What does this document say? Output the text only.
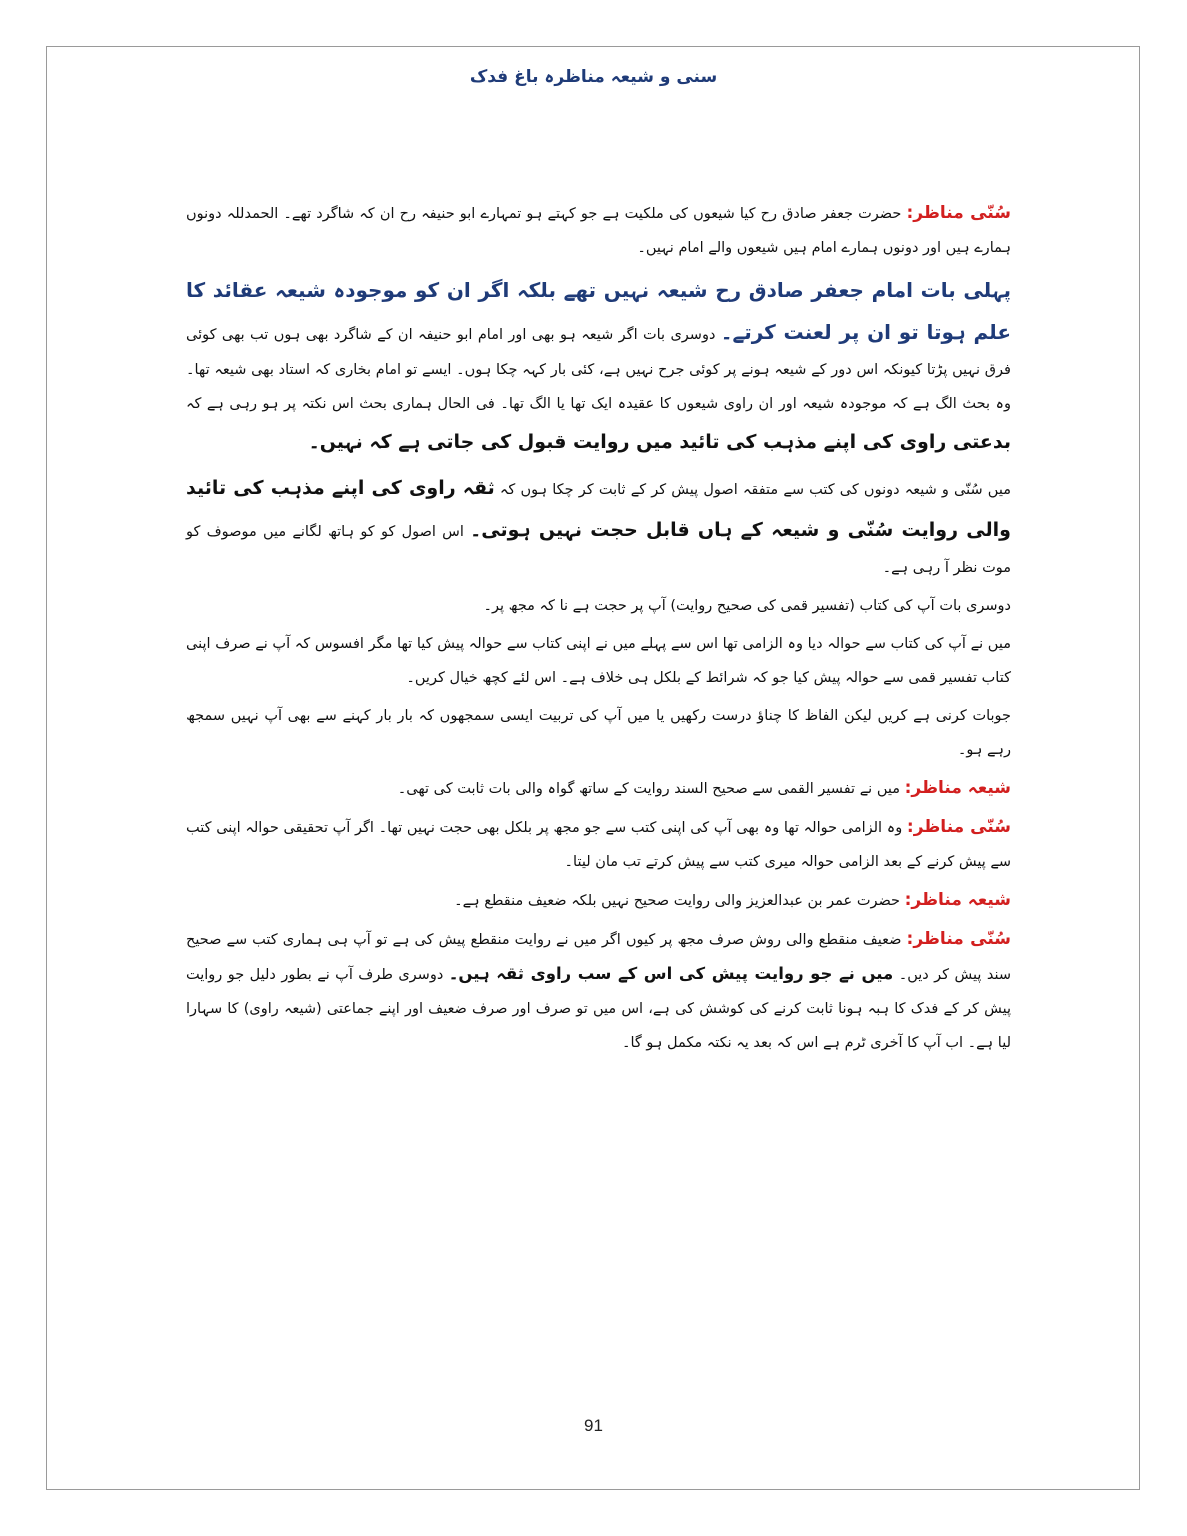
سنی و شیعہ مناظرہ باغ فدک

سُنّی مناظر: حضرت جعفر صادق رح کیا شیعوں کی ملکیت ہے جو کہتے ہو تمہارے ابو حنیفہ رح ان کہ شاگرد تھے۔ الحمدللہ دونوں ہمارے ہیں اور دونوں ہمارے امام ہیں شیعوں والے امام نہیں۔

پہلی بات امام جعفر صادق رح شیعہ نہیں تھے بلکہ اگر ان کو موجودہ شیعہ عقائد کا علم ہوتا تو ان پر لعنت کرتے۔ دوسری بات اگر شیعہ ہو بھی اور امام ابو حنیفہ ان کے شاگرد بھی ہوں تب بھی کوئی فرق نہیں پڑتا کیونکہ اس دور کے شیعہ ہونے پر کوئی جرح نہیں ہے، کئی بار کہہ چکا ہوں۔ ایسے تو امام بخاری کہ استاد بھی شیعہ تھا۔ وہ بحث الگ ہے کہ موجودہ شیعہ اور ان راوی شیعوں کا عقیدہ ایک تھا یا الگ تھا۔ فی الحال ہماری بحث اس نکتہ پر ہو رہی ہے کہ بدعتی راوی کی اپنے مذہب کی تائید میں روایت قبول کی جاتی ہے کہ نہیں۔

میں سُنّی و شیعہ دونوں کی کتب سے متفقہ اصول پیش کر کے ثابت کر چکا ہوں کہ ثقہ راوی کی اپنے مذہب کی تائید والی روایت سُنّی و شیعہ کے ہاں قابل حجت نہیں ہوتی۔ اس اصول کو کو ہاتھ لگانے میں موصوف کو موت نظر آ رہی ہے۔

دوسری بات آپ کی کتاب (تفسیر قمی کی صحیح روایت) آپ پر حجت ہے نا کہ مجھ پر۔

میں نے آپ کی کتاب سے حوالہ دیا وہ الزامی تھا اس سے پہلے میں نے اپنی کتاب سے حوالہ پیش کیا تھا مگر افسوس کہ آپ نے صرف اپنی کتاب تفسیر قمی سے حوالہ پیش کیا جو کہ شرائط کے بلکل ہی خلاف ہے۔ اس لئے کچھ خیال کریں۔

جوبات کرنی ہے کریں لیکن الفاظ کا چناؤ درست رکھیں یا میں آپ کی تربیت ایسی سمجھوں کہ بار بار کہنے سے بھی آپ نہیں سمجھ رہے ہو۔

شیعہ مناظر: میں نے تفسیر القمی سے صحیح السند روایت کے ساتھ گواہ والی بات ثابت کی تھی۔

سُنّی مناظر: وہ الزامی حوالہ تھا وہ بھی آپ کی اپنی کتب سے جو مجھ پر بلکل بھی حجت نہیں تھا۔ اگر آپ تحقیقی حوالہ اپنی کتب سے پیش کرنے کے بعد الزامی حوالہ میری کتب سے پیش کرتے تب مان لیتا۔

شیعہ مناظر: حضرت عمر بن عبدالعزیز والی روایت صحیح نہیں بلکہ ضعیف منقطع ہے۔

سُنّی مناظر: ضعیف منقطع والی روش صرف مجھ پر کیوں اگر میں نے روایت منقطع پیش کی ہے تو آپ ہی ہماری کتب سے صحیح سند پیش کر دیں۔ میں نے جو روایت پیش کی اس کے سب راوی ثقہ ہیں۔ دوسری طرف آپ نے بطور دلیل جو روایت پیش کر کے فدک کا ہبہ ہونا ثابت کرنے کی کوشش کی ہے، اس میں تو صرف اور صرف ضعیف اور اپنے جماعتی (شیعہ راوی) کا سہارا لیا ہے۔ اب آپ کا آخری ٹرم ہے اس کہ بعد یہ نکتہ مکمل ہو گا۔

91
